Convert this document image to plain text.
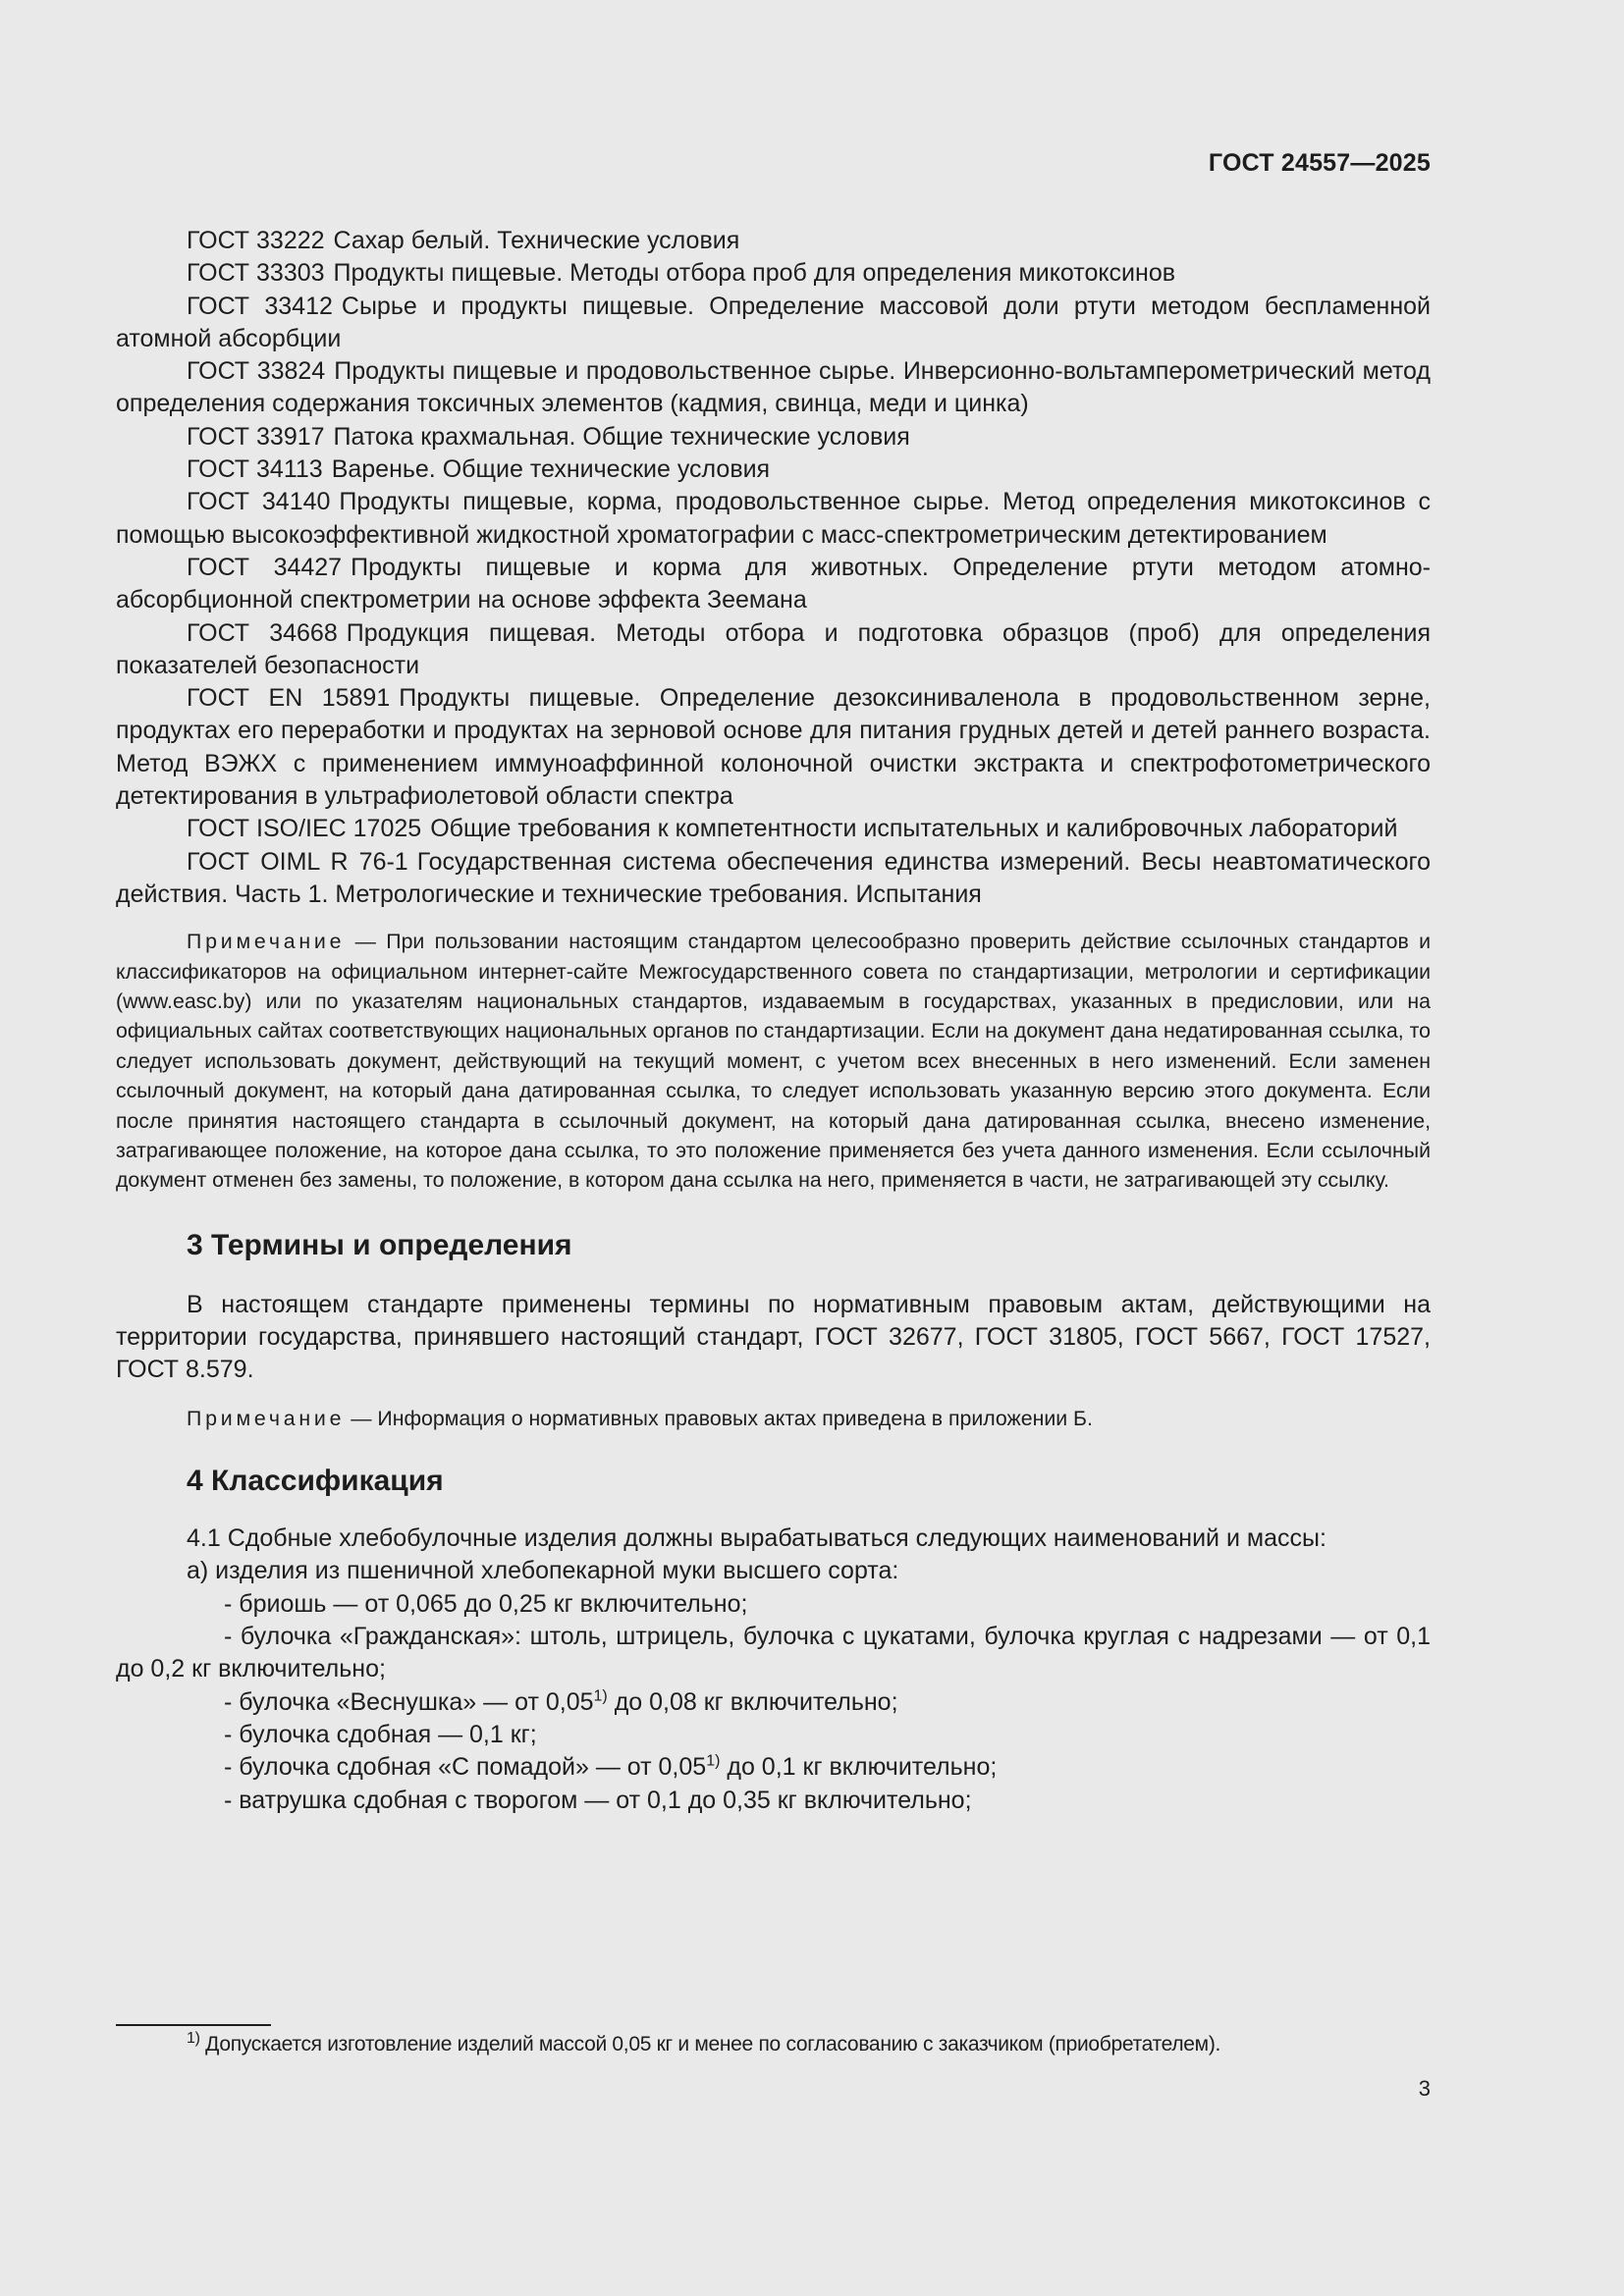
ГОСТ 24557—2025

ГОСТ 33222 Сахар белый. Технические условия

ГОСТ 33303 Продукты пищевые. Методы отбора проб для определения микотоксинов

ГОСТ 33412 Сырье и продукты пищевые. Определение массовой доли ртути методом беспламенной атомной абсорбции

ГОСТ 33824 Продукты пищевые и продовольственное сырье. Инверсионно-вольтамперометрический метод определения содержания токсичных элементов (кадмия, свинца, меди и цинка)

ГОСТ 33917 Патока крахмальная. Общие технические условия

ГОСТ 34113 Варенье. Общие технические условия

ГОСТ 34140 Продукты пищевые, корма, продовольственное сырье. Метод определения микотоксинов с помощью высокоэффективной жидкостной хроматографии с масс-спектрометрическим детектированием

ГОСТ 34427 Продукты пищевые и корма для животных. Определение ртути методом атомно-абсорбционной спектрометрии на основе эффекта Зеемана

ГОСТ 34668 Продукция пищевая. Методы отбора и подготовка образцов (проб) для определения показателей безопасности

ГОСТ EN 15891 Продукты пищевые. Определение дезоксиниваленола в продовольственном зерне, продуктах его переработки и продуктах на зерновой основе для питания грудных детей и детей раннего возраста. Метод ВЭЖХ с применением иммуноаффинной колоночной очистки экстракта и спектрофотометрического детектирования в ультрафиолетовой области спектра

ГОСТ ISO/IEC 17025 Общие требования к компетентности испытательных и калибровочных лабораторий

ГОСТ OIML R 76-1 Государственная система обеспечения единства измерений. Весы неавтоматического действия. Часть 1. Метрологические и технические требования. Испытания

Примечание — При пользовании настоящим стандартом целесообразно проверить действие ссылочных стандартов и классификаторов на официальном интернет-сайте Межгосударственного совета по стандартизации, метрологии и сертификации (www.easc.by) или по указателям национальных стандартов, издаваемым в государствах, указанных в предисловии, или на официальных сайтах соответствующих национальных органов по стандартизации. Если на документ дана недатированная ссылка, то следует использовать документ, действующий на текущий момент, с учетом всех внесенных в него изменений. Если заменен ссылочный документ, на который дана датированная ссылка, то следует использовать указанную версию этого документа. Если после принятия настоящего стандарта в ссылочный документ, на который дана датированная ссылка, внесено изменение, затрагивающее положение, на которое дана ссылка, то это положение применяется без учета данного изменения. Если ссылочный документ отменен без замены, то положение, в котором дана ссылка на него, применяется в части, не затрагивающей эту ссылку.

3 Термины и определения

В настоящем стандарте применены термины по нормативным правовым актам, действующими на территории государства, принявшего настоящий стандарт, ГОСТ 32677, ГОСТ 31805, ГОСТ 5667, ГОСТ 17527, ГОСТ 8.579.

Примечание — Информация о нормативных правовых актах приведена в приложении Б.

4 Классификация

4.1 Сдобные хлебобулочные изделия должны вырабатываться следующих наименований и массы:

а) изделия из пшеничной хлебопекарной муки высшего сорта:

- бриошь — от 0,065 до 0,25 кг включительно;

- булочка «Гражданская»: штоль, штрицель, булочка с цукатами, булочка круглая с надрезами — от 0,1 до 0,2 кг включительно;

- булочка «Веснушка» — от 0,05$^{1)}$ до 0,08 кг включительно;

- булочка сдобная — 0,1 кг;

- булочка сдобная «С помадой» — от 0,05$^{1)}$ до 0,1 кг включительно;

- ватрушка сдобная с творогом — от 0,1 до 0,35 кг включительно;

$^{1)}$ Допускается изготовление изделий массой 0,05 кг и менее по согласованию с заказчиком (приобретателем).

3
